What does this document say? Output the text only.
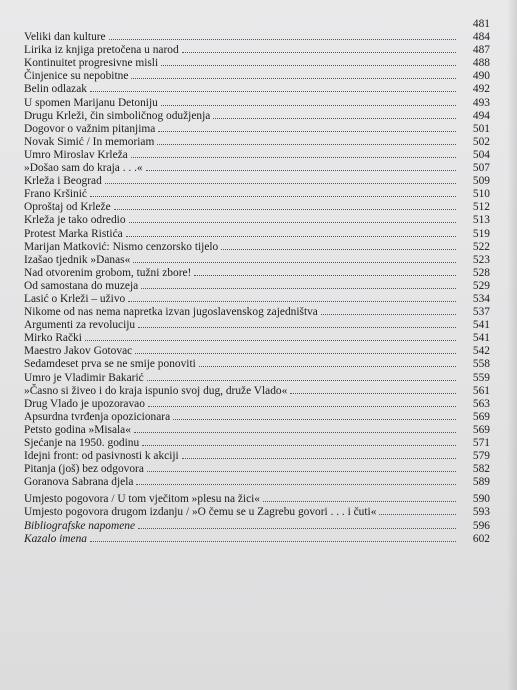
481
Veliki dan kulture	484
Lirika iz knjiga pretočena u narod	487
Kontinuitet progresivne misli	488
Činjenice su nepobitne	490
Belin odlazak	492
U spomen Marijanu Detoniju	493
Drugu Krleži, čin simboličnog odužjenja	494
Dogovor o važnim pitanjima	501
Novak Simić / In memoriam	502
Umro Miroslav Krleža	504
»Došao sam do kraja . . .«	507
Krleža i Beograd	509
Frano Kršinić	510
Oproštaj od Krleže	512
Krleža je tako odredio	513
Protest Marka Ristića	519
Marijan Matković: Nismo cenzorsko tijelo	522
Izašao tjednik »Danas«	523
Nad otvorenim grobom, tužni zbore!	528
Od samostana do muzeja	529
Lasić o Krleži – uživo	534
Nikome od nas nema napretka izvan jugoslavenskog zajedništva	537
Argumenti za revoluciju	541
Mirko Rački	541
Maestro Jakov Gotovac	542
Sedamdeset prva se ne smije ponoviti	558
Umro je Vladimir Bakarić	559
»Časno si živeo i do kraja ispunio svoj dug, druže Vlado«	561
Drug Vlado je upozoravao	563
Apsurdna tvrđenja opozicionara	569
Petsto godina »Misala«	569
Sjećanje na 1950. godinu	571
Idejni front: od pasivnosti k akciji	579
Pitanja (još) bez odgovora	582
Goranova Sabrana djela	589
Umjesto pogovora / U tom vječitom »plesu na žici«	590
Umjesto pogovora drugom izdanju / »O čemu se u Zagrebu govori . . . i čuti«	593
Bibliografske napomene	596
Kazalo imena	602
